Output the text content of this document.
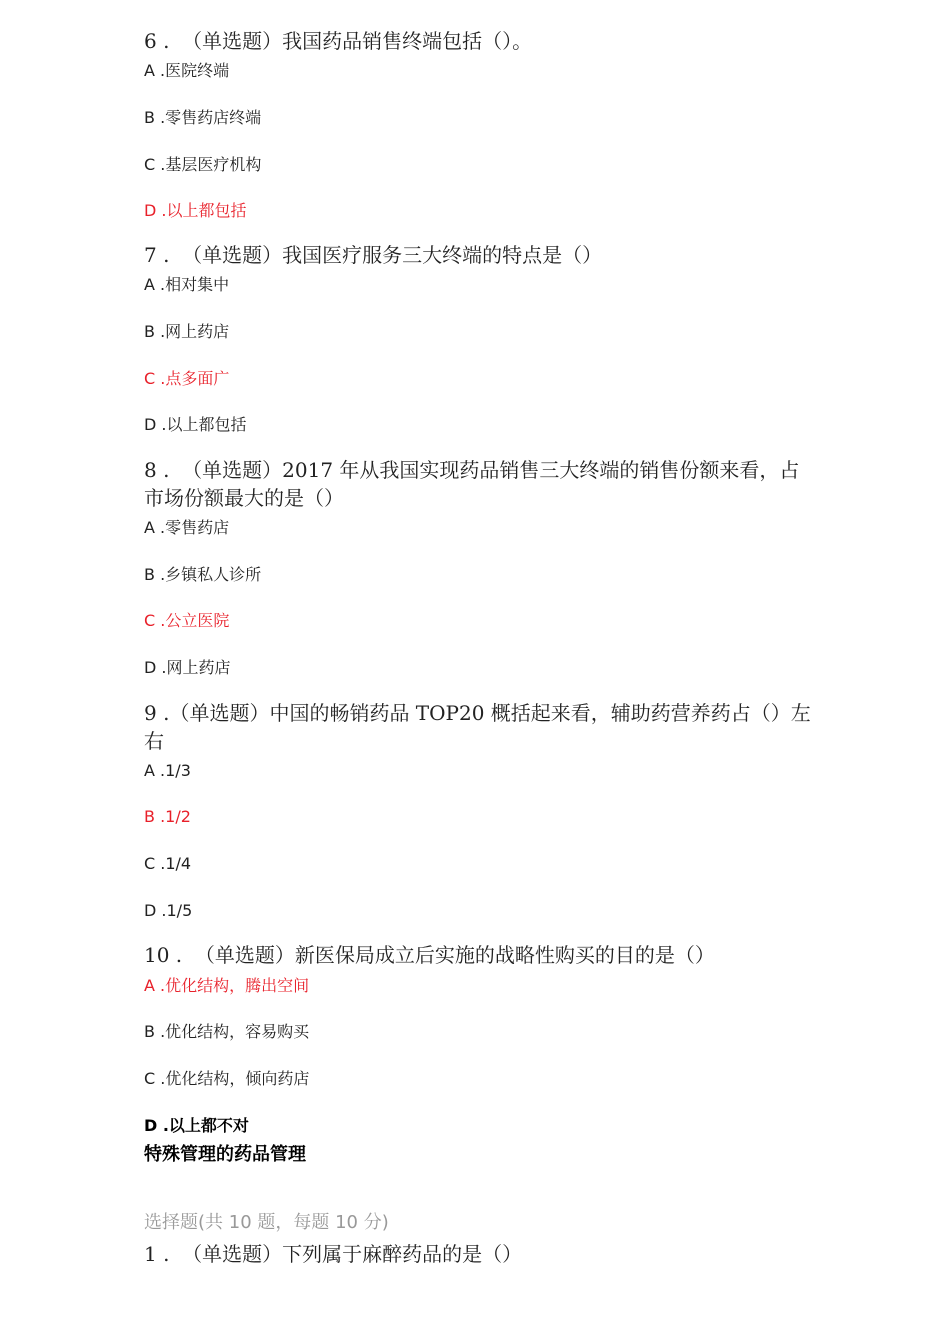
6 .  （单选题）我国药品销售终端包括（）。
A .医院终端
B .零售药店终端
C .基层医疗机构
D .以上都包括
7 .  （单选题）我国医疗服务三大终端的特点是（）
A .相对集中
B .网上药店
C .点多面广
D .以上都包括
8 .  （单选题）2017 年从我国实现药品销售三大终端的销售份额来看，占市场份额最大的是（）
A .零售药店
B .乡镇私人诊所
C .公立医院
D .网上药店
9 .（单选题）中国的畅销药品 TOP20 概括起来看，辅助药营养药占（）左右
A .1/3
B .1/2
C .1/4
D .1/5
10 .  （单选题）新医保局成立后实施的战略性购买的目的是（）
A .优化结构，腾出空间
B .优化结构，容易购买
C .优化结构，倾向药店
D .以上都不对
特殊管理的药品管理
选择题(共 10 题，每题 10 分)
1 .  （单选题）下列属于麻醉药品的是（）
